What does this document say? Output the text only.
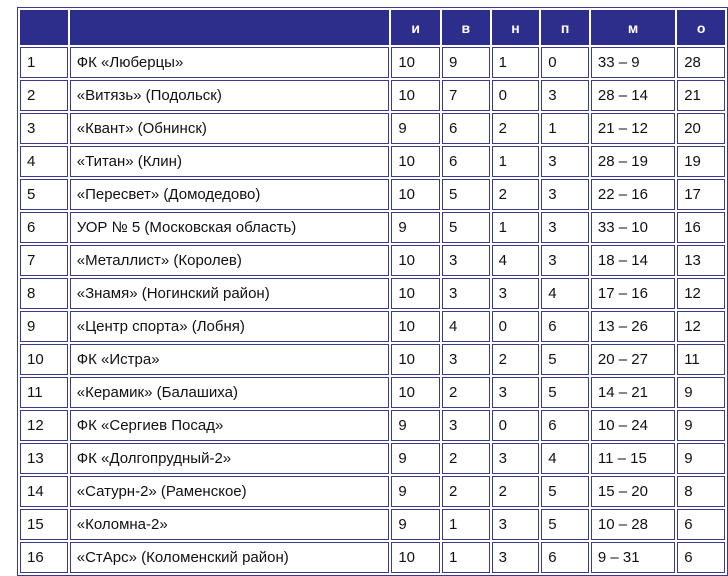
		и	в	н	п	м	о
1	ФК «Люберцы»	10	9	1	0	33 – 9	28
2	«Витязь» (Подольск)	10	7	0	3	28 – 14	21
3	«Квант» (Обнинск)	9	6	2	1	21 – 12	20
4	«Титан» (Клин)	10	6	1	3	28 – 19	19
5	«Пересвет» (Домодедово)	10	5	2	3	22 – 16	17
6	УОР № 5 (Московская область)	9	5	1	3	33 – 10	16
7	«Металлист» (Королев)	10	3	4	3	18 – 14	13
8	«Знамя» (Ногинский район)	10	3	3	4	17 – 16	12
9	«Центр спорта» (Лобня)	10	4	0	6	13 – 26	12
10	ФК «Истра»	10	3	2	5	20 – 27	11
11	«Керамик» (Балашиха)	10	2	3	5	14 – 21	9
12	ФК «Сергиев Посад»	9	3	0	6	10 – 24	9
13	ФК «Долгопрудный-2»	9	2	3	4	11 – 15	9
14	«Сатурн-2» (Раменское)	9	2	2	5	15 – 20	8
15	«Коломна-2»	9	1	3	5	10 – 28	6
16	«СтАрс» (Коломенский район)	10	1	3	6	9 – 31	6
